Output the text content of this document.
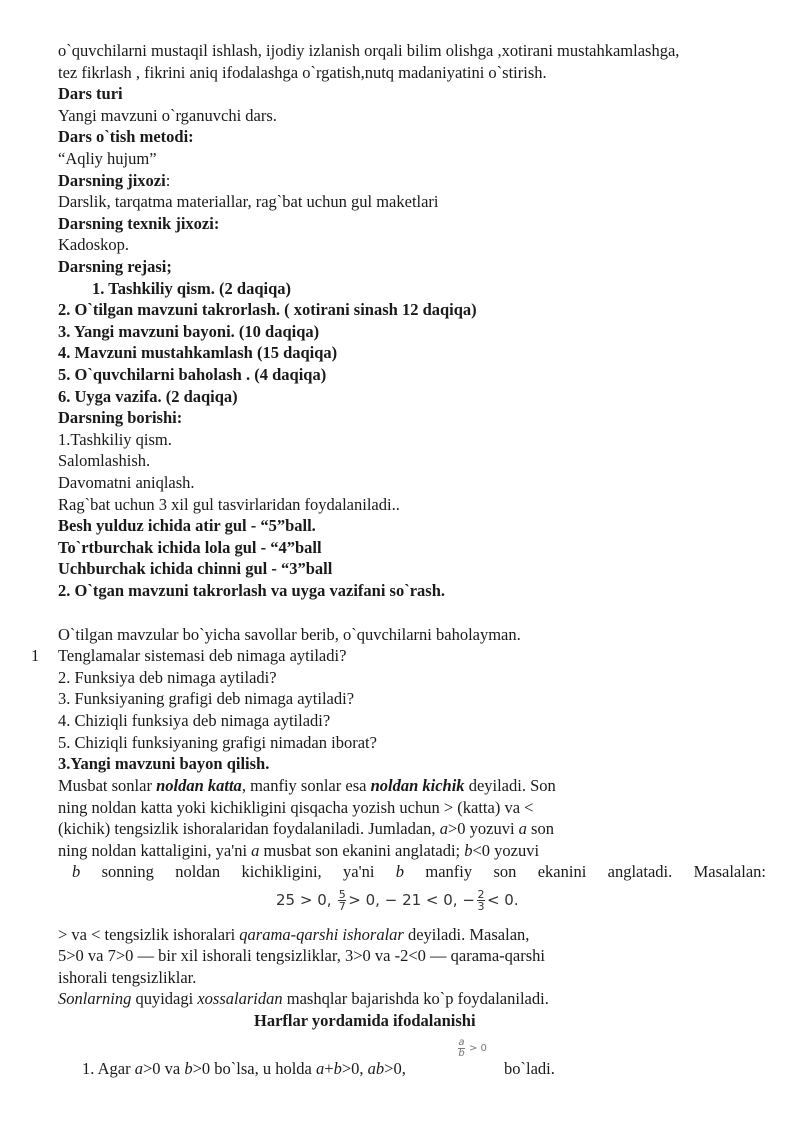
o`quvchilarni mustaqil ishlash, ijodiy izlanish orqali bilim olishga ,xotirani mustahkamlashga,
tez fikrlash , fikrini aniq ifodalashga o`rgatish,nutq madaniyatini o`stirish.
Dars turi
Yangi mavzuni o`rganuvchi dars.
Dars o`tish metodi:
“Aqliy hujum”
Darsning jixozi:
Darslik, tarqatma materiallar, rag`bat uchun gul maketlari
Darsning texnik jixozi:
Kadoskop.
Darsning rejasi;
1. Tashkiliy qism. (2 daqiqa)
2. O`tilgan mavzuni takrorlash. ( xotirani sinash 12 daqiqa)
3. Yangi mavzuni bayoni. (10 daqiqa)
4. Mavzuni mustahkamlash (15 daqiqa)
5. O`quvchilarni baholash . (4 daqiqa)
6. Uyga vazifa. (2 daqiqa)
Darsning borishi:
1.Tashkiliy qism.
Salomlashish.
Davomatni aniqlash.
Rag`bat uchun 3 xil gul tasvirlaridan foydalaniladi..
Besh yulduz ichida atir gul - “5”ball.
To`rtburchak ichida lola gul - “4”ball
Uchburchak ichida chinni gul - “3”ball
2. O`tgan mavzuni takrorlash va uyga vazifani so`rash.
O`tilgan mavzular bo`yicha savollar berib, o`quvchilarni baholayman.
1 Tenglamalar sistemasi deb nimaga aytiladi?
2. Funksiya deb nimaga aytiladi?
3. Funksiyaning grafigi deb nimaga aytiladi?
4. Chiziqli funksiya deb nimaga aytiladi?
5. Chiziqli funksiyaning grafigi nimadan iborat?
3.Yangi mavzuni bayon qilish.
Musbat sonlar noldan katta, manfiy sonlar esa noldan kichik deyiladi. Son
ning noldan katta yoki kichikligini qisqacha yozish uchun > (katta) va <
(kichik) tengsizlik ishoralaridan foydalaniladi. Jumladan, a>0 yozuvi a son
ning noldan kattaligini, ya'ni a musbat son ekanini anglatadi; b<0 yozuvi
b sonning noldan kichikligini, ya'ni b manfiy son ekanini anglatadi. Masalalan:
25 > 0, $\frac{5}{7} > 0$, − 21 < 0, − $\frac{2}{3} < 0$.
> va < tengsizlik ishoralari qarama-qarshi ishoralar deyiladi. Masalan,
5>0 va 7>0 — bir xil ishorali tengsizliklar, 3>0 va -2<0 — qarama-qarshi
ishorali tengsizliklar.
Sonlarning quyidagi xossalaridan mashqlar bajarishda ko`p foydalaniladi.
Harflar yordamida ifodalanishi
1. Agar a>0 va b>0 bo`lsa, u holda a+b>0, ab>0,
$\frac{a}{b} > 0$
bo`ladi.
